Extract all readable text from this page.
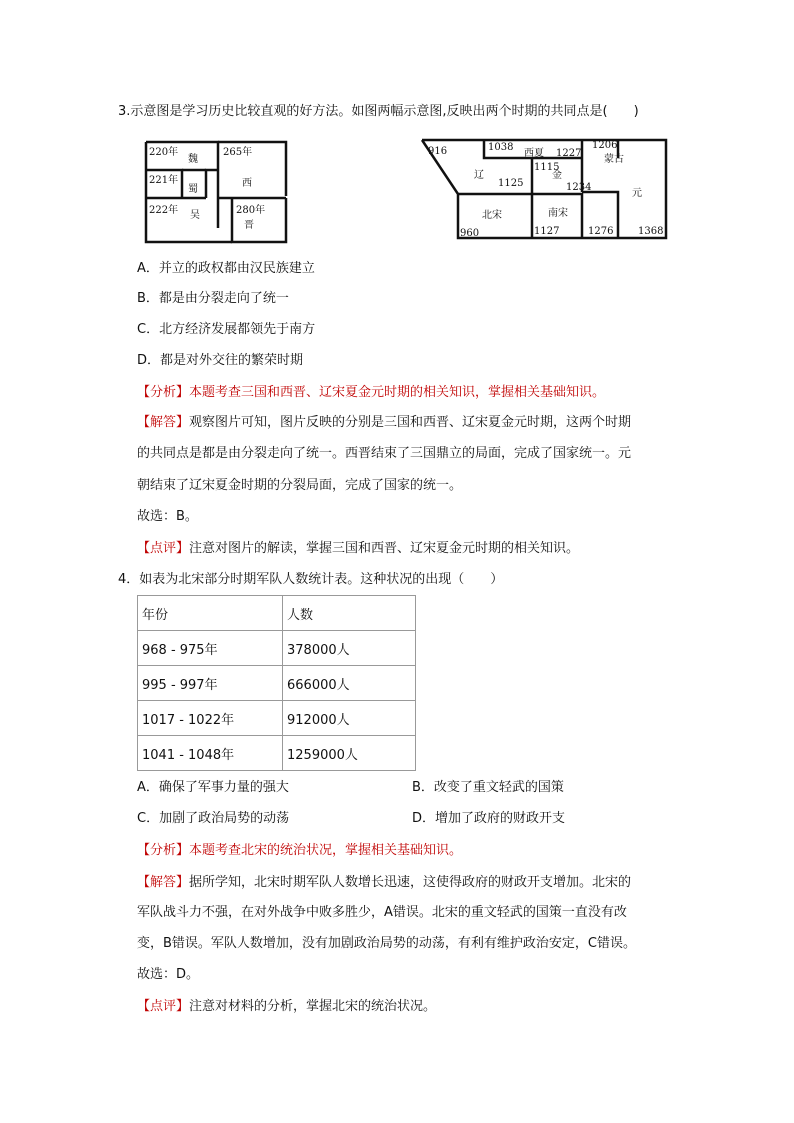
3.示意图是学习历史比较直观的好方法。如图两幅示意图,反映出两个时期的共同点是(　　)
220年
魏
265年
西
221年
蜀
222年 吴	280年
晋
916	1038
西夏 1227
1206
蒙古
1115
辽
1125
金
1234
元
北宋	南宋
960	1127	1276 1368
A．并立的政权都由汉民族建立
B．都是由分裂走向了统一
C．北方经济发展都领先于南方
D．都是对外交往的繁荣时期
【分析】本题考查三国和西晋、辽宋夏金元时期的相关知识，掌握相关基础知识。
【解答】观察图片可知，图片反映的分别是三国和西晋、辽宋夏金元时期，这两个时期
的共同点是都是由分裂走向了统一。西晋结束了三国鼎立的局面，完成了国家统一。元
朝结束了辽宋夏金时期的分裂局面，完成了国家的统一。
故选：B。
【点评】注意对图片的解读，掌握三国和西晋、辽宋夏金元时期的相关知识。
4．如表为北宋部分时期军队人数统计表。这种状况的出现（　　）
年份	人数
968 - 975年	378000人
995 - 997年	666000人
1017 - 1022年	912000人
1041 - 1048年	1259000人
A．确保了军事力量的强大	B．改变了重文轻武的国策
C．加剧了政治局势的动荡	D．增加了政府的财政开支
【分析】本题考查北宋的统治状况，掌握相关基础知识。
【解答】据所学知，北宋时期军队人数增长迅速，这使得政府的财政开支增加。北宋的
军队战斗力不强，在对外战争中败多胜少，A错误。北宋的重文轻武的国策一直没有改
变，B错误。军队人数增加，没有加剧政治局势的动荡，有利有维护政治安定，C错误。
故选：D。
【点评】注意对材料的分析，掌握北宋的统治状况。
